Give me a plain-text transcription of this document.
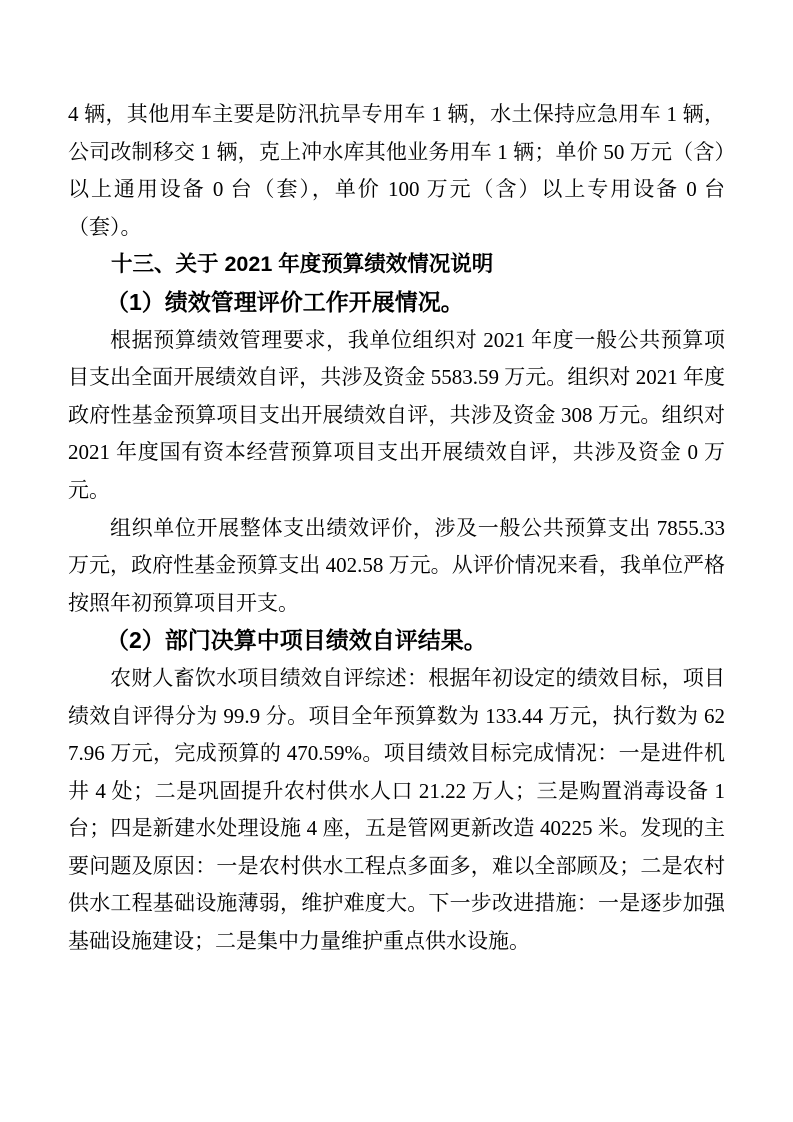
4 辆，其他用车主要是防汛抗旱专用车 1 辆，水土保持应急用车 1 辆，公司改制移交 1 辆，克上冲水库其他业务用车 1 辆；单价 50 万元（含）以上通用设备 0 台（套），单价 100 万元（含）以上专用设备 0 台（套）。

十三、关于 2021 年度预算绩效情况说明
（1）绩效管理评价工作开展情况。

根据预算绩效管理要求，我单位组织对 2021 年度一般公共预算项目支出全面开展绩效自评，共涉及资金 5583.59 万元。组织对 2021 年度政府性基金预算项目支出开展绩效自评，共涉及资金 308 万元。组织对 2021 年度国有资本经营预算项目支出开展绩效自评，共涉及资金 0 万元。

组织单位开展整体支出绩效评价，涉及一般公共预算支出 7855.33 万元，政府性基金预算支出 402.58 万元。从评价情况来看，我单位严格按照年初预算项目开支。

（2）部门决算中项目绩效自评结果。

农财人畜饮水项目绩效自评综述：根据年初设定的绩效目标，项目绩效自评得分为 99.9 分。项目全年预算数为 133.44 万元，执行数为 627.96 万元，完成预算的 470.59%。项目绩效目标完成情况：一是进件机井 4 处；二是巩固提升农村供水人口 21.22 万人；三是购置消毒设备 1 台；四是新建水处理设施 4 座，五是管网更新改造 40225 米。发现的主要问题及原因：一是农村供水工程点多面多，难以全部顾及；二是农村供水工程基础设施薄弱，维护难度大。下一步改进措施：一是逐步加强基础设施建设；二是集中力量维护重点供水设施。
